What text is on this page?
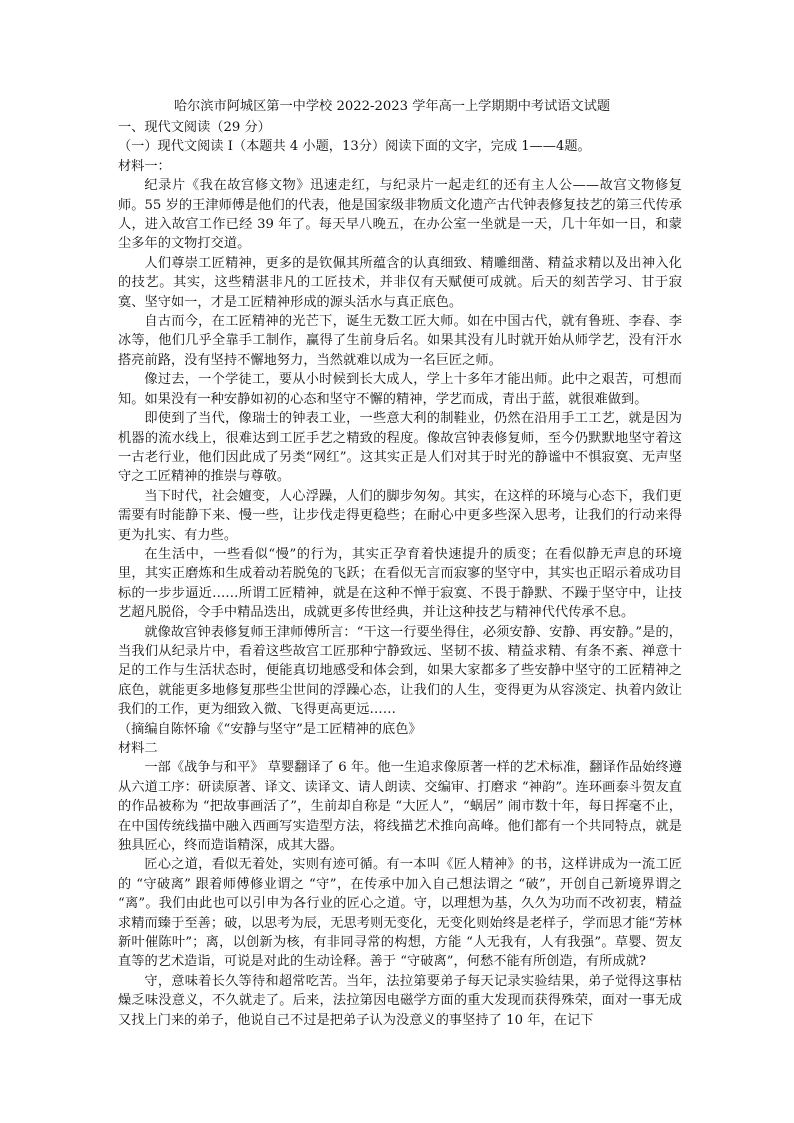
哈尔滨市阿城区第一中学校 2022-2023 学年高一上学期期中考试语文试题
一、现代文阅读（29 分）
（一）现代文阅读 I（本题共 4 小题，13分）阅读下面的文字，完成 1——4题。
材料一：

纪录片《我在故宫修文物》迅速走红，与纪录片一起走红的还有主人公——故宫文物修复师。55 岁的王津师傅是他们的代表，他是国家级非物质文化遗产古代钟表修复技艺的第三代传承人，进入故宫工作已经 39 年了。每天早八晚五，在办公室一坐就是一天，几十年如一日，和蒙尘多年的文物打交道。

人们尊崇工匠精神，更多的是钦佩其所蕴含的认真细致、精雕细凿、精益求精以及出神入化的技艺。其实，这些精湛非凡的工匠技术，并非仅有天赋便可成就。后天的刻苦学习、甘于寂寞、坚守如一，才是工匠精神形成的源头活水与真正底色。

自古而今，在工匠精神的光芒下，诞生无数工匠大师。如在中国古代，就有鲁班、李春、李冰等，他们几乎全靠手工制作，赢得了生前身后名。如果其没有儿时就开始从师学艺，没有汗水搭亮前路，没有坚持不懈地努力，当然就难以成为一名巨匠之师。

像过去，一个学徒工，要从小时候到长大成人，学上十多年才能出师。此中之艰苦，可想而知。如果没有一种安静如初的心态和坚守不懈的精神，学艺而成，青出于蓝，就很难做到。

即使到了当代，像瑞士的钟表工业，一些意大利的制鞋业，仍然在沿用手工工艺，就是因为机器的流水线上，很难达到工匠手艺之精致的程度。像故宫钟表修复师，至今仍默默地坚守着这一古老行业，他们因此成了另类“网红”。这其实正是人们对其于时光的静谧中不惧寂寞、无声坚守之工匠精神的推崇与尊敬。

当下时代，社会嬗变，人心浮躁，人们的脚步匆匆。其实，在这样的环境与心态下，我们更需要有时能静下来、慢一些，让步伐走得更稳些；在耐心中更多些深入思考，让我们的行动来得更为扎实、有力些。

在生活中，一些看似“慢”的行为，其实正孕育着快速提升的质变；在看似静无声息的环境里，其实正磨炼和生成着动若脱兔的飞跃；在看似无言而寂寥的坚守中，其实也正昭示着成功目标的一步步逼近……所谓工匠精神，就是在这种不惮于寂寞、不畏于静默、不躁于坚守中，让技艺超凡脱俗，令手中精品迭出，成就更多传世经典，并让这种技艺与精神代代传承不息。

就像故宫钟表修复师王津师傅所言：“干这一行要坐得住，必须安静、安静、再安静。”是的，当我们从纪录片中，看着这些故宫工匠那种宁静致远、坚韧不拔、精益求精、有条不紊、禅意十足的工作与生活状态时，便能真切地感受和体会到，如果大家都多了些安静中坚守的工匠精神之底色，就能更多地修复那些尘世间的浮躁心态，让我们的人生，变得更为从容淡定、执着内敛让我们的工作，更为细致入微、飞得更高更远……

（摘编自陈怀瑜《“安静与坚守”是工匠精神的底色》
材料二

一部《战争与和平》 草婴翻译了 6 年。他一生追求像原著一样的艺术标准，翻译作品始终遵从六道工序：研读原著、译文、读译文、请人朗读、交编审、打磨求 “神韵”。连环画泰斗贺友直的作品被称为 “把故事画活了”，生前却自称是 “大匠人”，“蜗居” 闹市数十年，每日挥毫不止，在中国传统线描中融入西画写实造型方法，将线描艺术推向高峰。他们都有一个共同特点，就是独具匠心，终而造诣精深，成其大器。

匠心之道，看似无着处，实则有迹可循。有一本叫《匠人精神》的书，这样讲成为一流工匠的 “守破离” 跟着师傅修业谓之 “守”，在传承中加入自己想法谓之 “破”，开创自己新境界谓之 “离”。我们由此也可以引申为各行业的匠心之道。守，以理想为基，久久为功而不改初衷，精益求精而臻于至善；破，以思考为辰，无思考则无变化，无变化则始终是老样子，学而思才能“芳林新叶催陈叶”；离，以创新为核，有非同寻常的构想，方能 “人无我有，人有我强”。草婴、贺友直等的艺术造诣，可说是对此的生动诠释。善于 “守破离”，何愁不能有所创造，有所成就?

守，意味着长久等待和超常吃苦。当年，法拉第要弟子每天记录实验结果，弟子觉得这事枯燥乏味没意义，不久就走了。后来，法拉第因电磁学方面的重大发现而获得殊荣，面对一事无成又找上门来的弟子，他说自己不过是把弟子认为没意义的事坚持了 10 年，在记下
